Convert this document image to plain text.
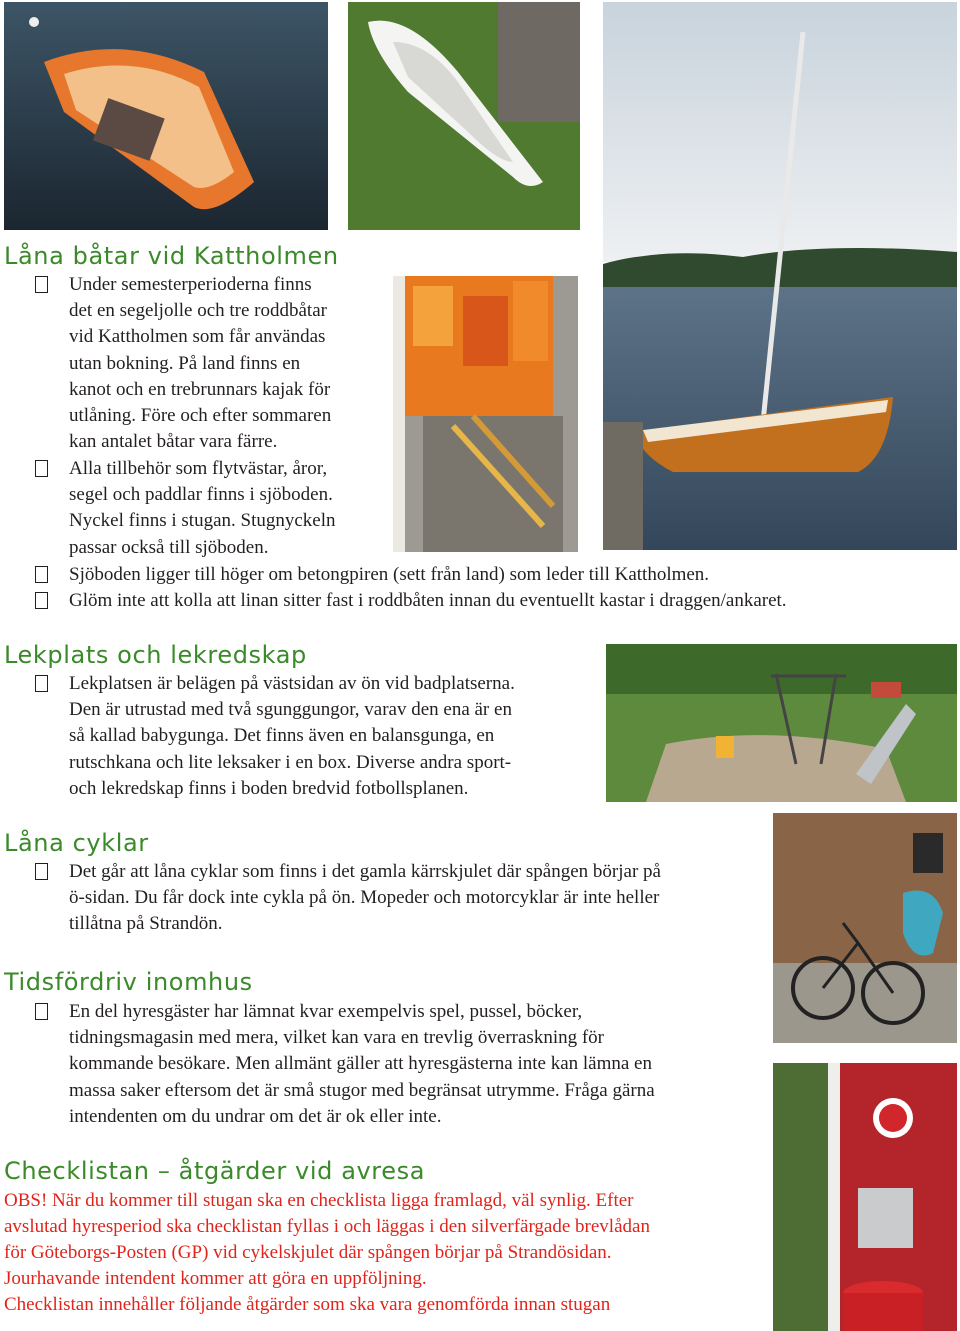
Låna båtar vid Kattholmen
Under semesterperioderna finns
det en segeljolle och tre roddbåtar
vid Kattholmen som får användas
utan bokning. På land finns en
kanot och en trebrunnars kajak för
utlåning. Före och efter sommaren
kan antalet båtar vara färre.
Alla tillbehör som flytvästar, åror,
segel och paddlar finns i sjöboden.
Nyckel finns i stugan. Stugnyckeln
passar också till sjöboden.
Sjöboden ligger till höger om betongpiren (sett från land) som leder till Kattholmen.
Glöm inte att kolla att linan sitter fast i roddbåten innan du eventuellt kastar i draggen/ankaret.
Lekplats och lekredskap
Lekplatsen är belägen på västsidan av ön vid badplatserna.
Den är utrustad med två sgunggungor, varav den ena är en
så kallad babygunga. Det finns även en balansgunga, en
rutschkana och lite leksaker i en box. Diverse andra sport-
och lekredskap finns i boden bredvid fotbollsplanen.
Låna cyklar
Det går att låna cyklar som finns i det gamla kärrskjulet där spången börjar på
ö-sidan. Du får dock inte cykla på ön. Mopeder och motorcyklar är inte heller
tillåtna på Strandön.
Tidsfördriv inomhus
En del hyresgäster har lämnat kvar exempelvis spel, pussel, böcker,
tidningsmagasin med mera, vilket kan vara en trevlig överraskning för
kommande besökare. Men allmänt gäller att hyresgästerna inte kan lämna en
massa saker eftersom det är små stugor med begränsat utrymme. Fråga gärna
intendenten om du undrar om det är ok eller inte.
Checklistan – åtgärder vid avresa
OBS! När du kommer till stugan ska en checklista ligga framlagd, väl synlig. Efter
avslutad hyresperiod ska checklistan fyllas i och läggas i den silverfärgade brevlådan
för Göteborgs-Posten (GP) vid cykelskjulet där spången börjar på Strandösidan.
Jourhavande intendent kommer att göra en uppföljning.
Checklistan innehåller följande åtgärder som ska vara genomförda innan stugan
